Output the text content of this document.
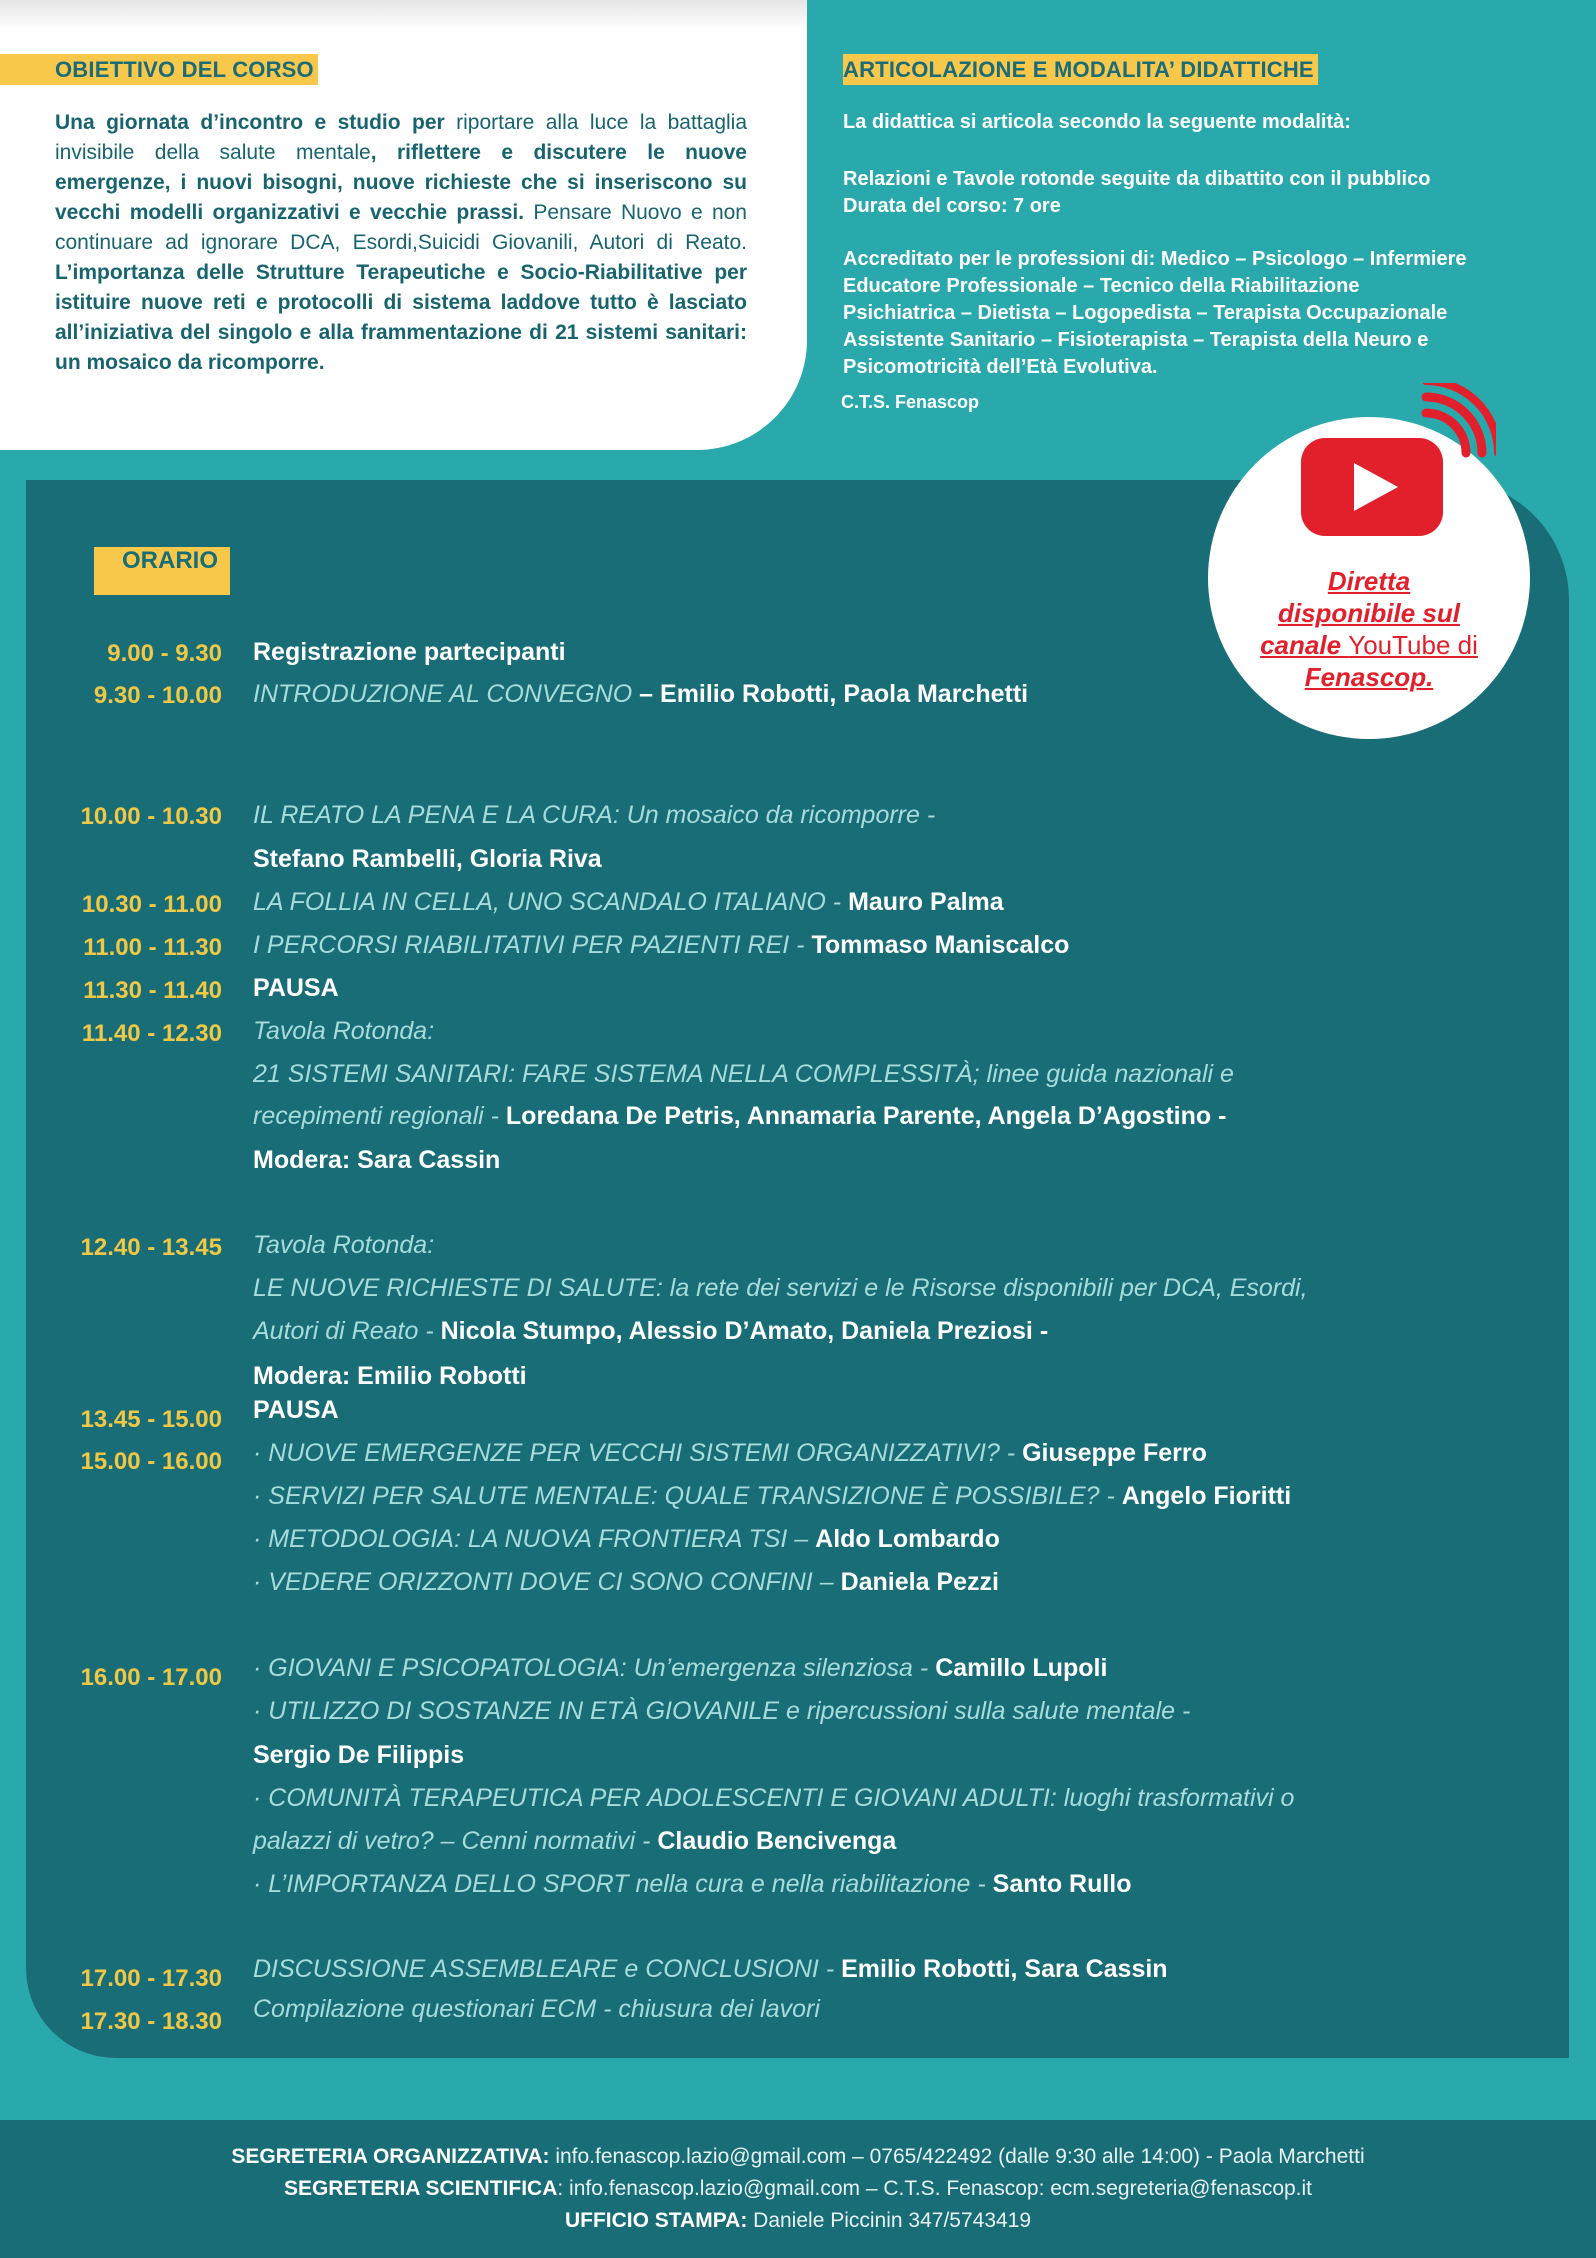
OBIETTIVO DEL CORSO
Una giornata d’incontro e studio per riportare alla luce la battaglia invisibile della salute mentale, riflettere e discutere le nuove emergenze, i nuovi bisogni, nuove richieste che si inseriscono su vecchi modelli organizzativi e vecchie prassi. Pensare Nuovo e non continuare ad ignorare DCA, Esordi,Suicidi Giovanili, Autori di Reato. L’importanza delle Strutture Terapeutiche e Socio-Riabilitative per istituire nuove reti e protocolli di sistema laddove tutto è lasciato all’iniziativa del singolo e alla frammentazione di 21 sistemi sanitari: un mosaico da ricomporre.
ARTICOLAZIONE E MODALITA’ DIDATTICHE
La didattica si articola secondo la seguente modalità:
Relazioni e Tavole rotonde seguite da dibattito con il pubblico
Durata del corso: 7 ore
Accreditato per le professioni di: Medico – Psicologo – Infermiere
Educatore Professionale – Tecnico della Riabilitazione
Psichiatrica – Dietista – Logopedista – Terapista Occupazionale
Assistente Sanitario – Fisioterapista – Terapista della Neuro e
Psicomotricità dell’Età Evolutiva.
C.T.S. Fenascop
ORARIO
Diretta
disponibile sul
canale YouTube di
Fenascop.
9.00 - 9.30
9.30 - 10.00
10.00 - 10.30
10.30 - 11.00
11.00 - 11.30
11.30 - 11.40
11.40 - 12.30
12.40 - 13.45
13.45 - 15.00
15.00 - 16.00
16.00 - 17.00
17.00 - 17.30
17.30 - 18.30
Registrazione partecipanti
INTRODUZIONE AL CONVEGNO – Emilio Robotti, Paola Marchetti
IL REATO LA PENA E LA CURA: Un mosaico da ricomporre -
Stefano Rambelli, Gloria Riva
LA FOLLIA IN CELLA, UNO SCANDALO ITALIANO - Mauro Palma
I PERCORSI RIABILITATIVI PER PAZIENTI REI - Tommaso Maniscalco
PAUSA
Tavola Rotonda:
21 SISTEMI SANITARI: FARE SISTEMA NELLA COMPLESSITÀ; linee guida nazionali e
recepimenti regionali - Loredana De Petris, Annamaria Parente, Angela D’Agostino -
Modera: Sara Cassin
Tavola Rotonda:
LE NUOVE RICHIESTE DI SALUTE: la rete dei servizi e le Risorse disponibili per DCA, Esordi,
Autori di Reato - Nicola Stumpo, Alessio D’Amato, Daniela Preziosi -
Modera: Emilio Robotti
PAUSA
· NUOVE EMERGENZE PER VECCHI SISTEMI ORGANIZZATIVI? - Giuseppe Ferro
· SERVIZI PER SALUTE MENTALE: QUALE TRANSIZIONE È POSSIBILE? - Angelo Fioritti
· METODOLOGIA: LA NUOVA FRONTIERA TSI – Aldo Lombardo
· VEDERE ORIZZONTI DOVE CI SONO CONFINI – Daniela Pezzi
· GIOVANI E PSICOPATOLOGIA: Un’emergenza silenziosa - Camillo Lupoli
· UTILIZZO DI SOSTANZE IN ETÀ GIOVANILE e ripercussioni sulla salute mentale -
Sergio De Filippis
· COMUNITÀ TERAPEUTICA PER ADOLESCENTI E GIOVANI ADULTI: luoghi trasformativi o
palazzi di vetro? – Cenni normativi - Claudio Bencivenga
· L’IMPORTANZA DELLO SPORT nella cura e nella riabilitazione - Santo Rullo
DISCUSSIONE ASSEMBLEARE e CONCLUSIONI - Emilio Robotti, Sara Cassin
Compilazione questionari ECM - chiusura dei lavori
SEGRETERIA ORGANIZZATIVA: info.fenascop.lazio@gmail.com – 0765/422492 (dalle 9:30 alle 14:00) - Paola Marchetti
SEGRETERIA SCIENTIFICA: info.fenascop.lazio@gmail.com – C.T.S. Fenascop: ecm.segreteria@fenascop.it
UFFICIO STAMPA: Daniele Piccinin 347/5743419
